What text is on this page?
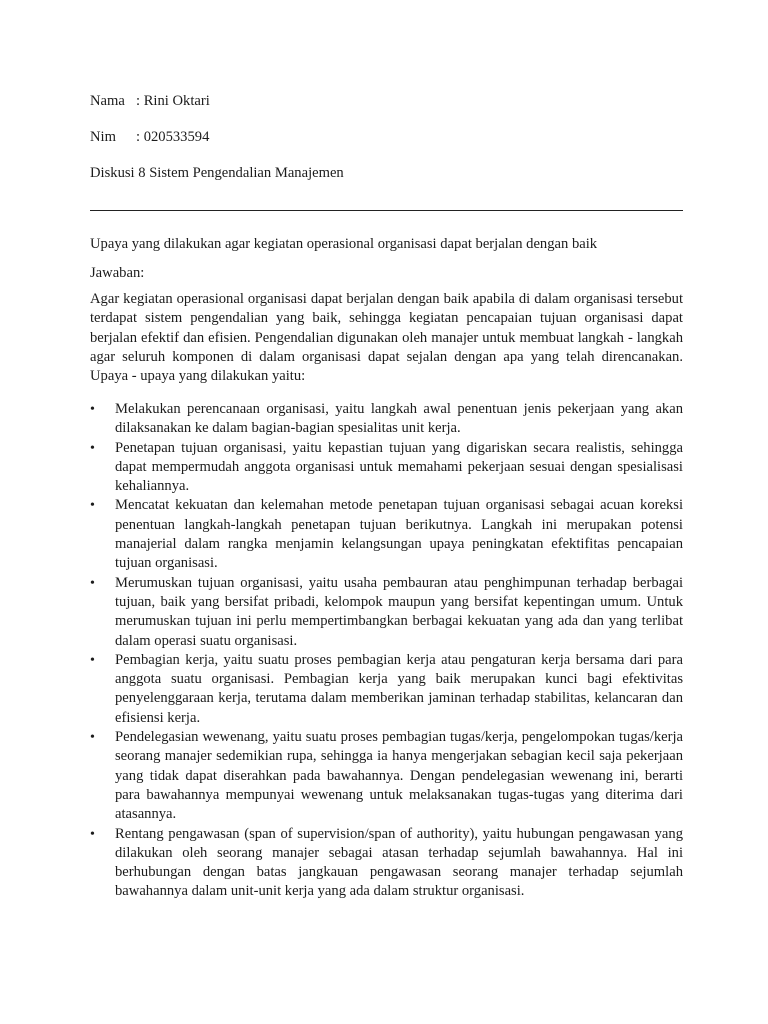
Nama : Rini Oktari
Nim : 020533594
Diskusi 8 Sistem Pengendalian Manajemen
Upaya yang dilakukan agar kegiatan operasional organisasi dapat berjalan dengan baik
Jawaban:
Agar kegiatan operasional organisasi dapat berjalan dengan baik apabila di dalam organisasi tersebut terdapat sistem pengendalian yang baik, sehingga kegiatan pencapaian tujuan organisasi dapat berjalan efektif dan efisien. Pengendalian digunakan oleh manajer untuk membuat langkah - langkah agar seluruh komponen di dalam organisasi dapat sejalan dengan apa yang telah direncanakan. Upaya - upaya yang dilakukan yaitu:
•	Melakukan perencanaan organisasi, yaitu langkah awal penentuan jenis pekerjaan yang akan dilaksanakan ke dalam bagian-bagian spesialitas unit kerja.
•	Penetapan tujuan organisasi, yaitu kepastian tujuan yang digariskan secara realistis, sehingga dapat mempermudah anggota organisasi untuk memahami pekerjaan sesuai dengan spesialisasi kehaliannya.
•	Mencatat kekuatan dan kelemahan metode penetapan tujuan organisasi sebagai acuan koreksi penentuan langkah-langkah penetapan tujuan berikutnya. Langkah ini merupakan potensi manajerial dalam rangka menjamin kelangsungan upaya peningkatan efektifitas pencapaian tujuan organisasi.
•	Merumuskan tujuan organisasi, yaitu usaha pembauran atau penghimpunan terhadap berbagai tujuan, baik yang bersifat pribadi, kelompok maupun yang bersifat kepentingan umum. Untuk merumuskan tujuan ini perlu mempertimbangkan berbagai kekuatan yang ada dan yang terlibat dalam operasi suatu organisasi.
•	Pembagian kerja, yaitu suatu proses pembagian kerja atau pengaturan kerja bersama dari para anggota suatu organisasi. Pembagian kerja yang baik merupakan kunci bagi efektivitas penyelenggaraan kerja, terutama dalam memberikan jaminan terhadap stabilitas, kelancaran dan efisiensi kerja.
•	Pendelegasian wewenang, yaitu suatu proses pembagian tugas/kerja, pengelompokan tugas/kerja seorang manajer sedemikian rupa, sehingga ia hanya mengerjakan sebagian kecil saja pekerjaan yang tidak dapat diserahkan pada bawahannya. Dengan pendelegasian wewenang ini, berarti para bawahannya mempunyai wewenang untuk melaksanakan tugas-tugas yang diterima dari atasannya.
•	Rentang pengawasan (span of supervision/span of authority), yaitu hubungan pengawasan yang dilakukan oleh seorang manajer sebagai atasan terhadap sejumlah bawahannya. Hal ini berhubungan dengan batas jangkauan pengawasan seorang manajer terhadap sejumlah bawahannya dalam unit-unit kerja yang ada dalam struktur organisasi.
